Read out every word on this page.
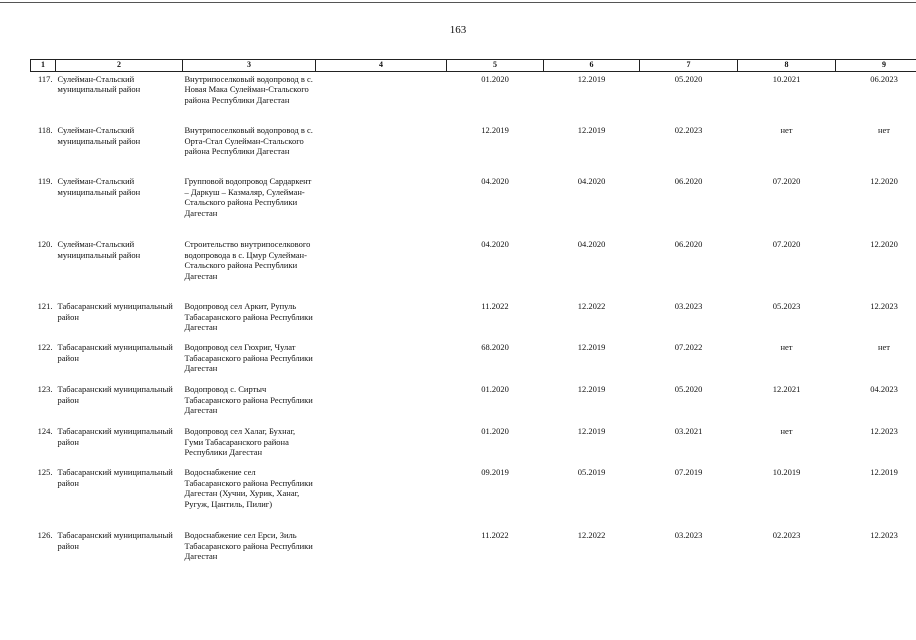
163
1	2	3	4	5	6	7	8	9
117.	Сулейман-Стальский муниципальный район	Внутрипоселковый водопровод в с. Новая Мака Сулейман-Стальского района Республики Дагестан		01.2020	12.2019	05.2020	10.2021	06.2023
118.	Сулейман-Стальский муниципальный район	Внутрипоселковый водопровод в с. Орта-Стал Сулейман-Стальского района Республики Дагестан		12.2019	12.2019	02.2023	нет	нет
119.	Сулейман-Стальский муниципальный район	Групповой водопровод Сардаркент – Даркуш – Казмаляр, Сулейман- Стальского района Республики Дагестан		04.2020	04.2020	06.2020	07.2020	12.2020
120.	Сулейман-Стальский муниципальный район	Строительство внутрипоселкового водопровода в с. Цмур Сулейман-Стальского района Республики Дагестан		04.2020	04.2020	06.2020	07.2020	12.2020
121.	Табасаранский муниципальный район	Водопровод сел Аркит, Рупуль Табасаранского района Республики Дагестан		11.2022	12.2022	03.2023	05.2023	12.2023
122.	Табасаранский муниципальный район	Водопровод сел Гюхриг, Чулат Табасаранского района Республики Дагестан		68.2020	12.2019	07.2022	нет	нет
123.	Табасаранский муниципальный район	Водопровод с. Сиртыч Табасаранского района Республики Дагестан		01.2020	12.2019	05.2020	12.2021	04.2023
124.	Табасаранский муниципальный район	Водопровод сел Халаг, Бухнаг, Гуми Табасаранского района Республики Дагестан		01.2020	12.2019	03.2021	нет	12.2023
125.	Табасаранский муниципальный район	Водоснабжение сел Табасаранского района Республики Дагестан (Хучни, Хурик, Ханаг, Ругуж, Цантиль, Пилиг)		09.2019	05.2019	07.2019	10.2019	12.2019
126.	Табасаранский муниципальный район	Водоснабжение сел Ерси, Зиль Табасаранского района Республики Дагестан		11.2022	12.2022	03.2023	02.2023	12.2023
